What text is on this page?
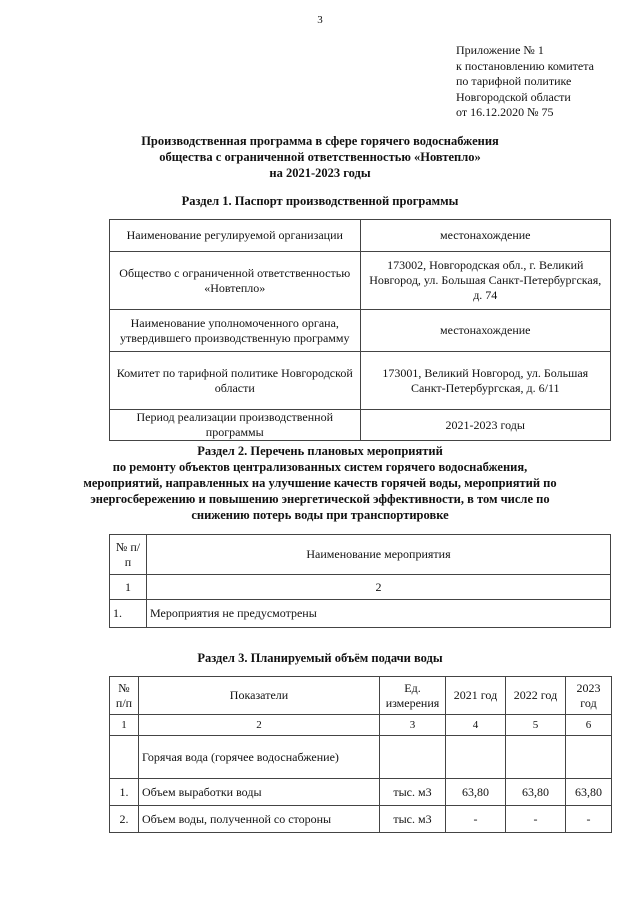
3
Приложение № 1
к постановлению комитета
по тарифной политике
Новгородской области
от 16.12.2020 № 75
Производственная программа в сфере горячего водоснабжения
общества с ограниченной ответственностью «Новтепло»
на 2021-2023 годы
Раздел 1. Паспорт производственной программы
Наименование регулируемой организации	местонахождение
Общество с ограниченной ответственностью «Новтепло»	173002, Новгородская обл., г. Великий Новгород, ул. Большая Санкт-Петербургская, д. 74
Наименование уполномоченного органа, утвердившего производственную программу	местонахождение
Комитет по тарифной политике Новгородской области	173001, Великий Новгород, ул. Большая Санкт-Петербургская, д. 6/11
Период реализации производственной программы	2021-2023 годы
Раздел 2. Перечень плановых мероприятий
по ремонту объектов централизованных систем горячего водоснабжения,
мероприятий, направленных на улучшение качеств горячей воды, мероприятий по
энергосбережению и повышению энергетической эффективности, в том числе по
снижению потерь воды при транспортировке
№ п/п	Наименование мероприятия
1	2
1.	Мероприятия не предусмотрены
Раздел 3. Планируемый объём подачи воды
№ п/п	Показатели	Ед. измерения	2021 год	2022 год	2023 год
1	2	3	4	5	6
	Горячая вода (горячее водоснабжение)				
1.	Объем выработки воды	тыс. м3	63,80	63,80	63,80
2.	Объем воды, полученной со стороны	тыс. м3	-	-	-
